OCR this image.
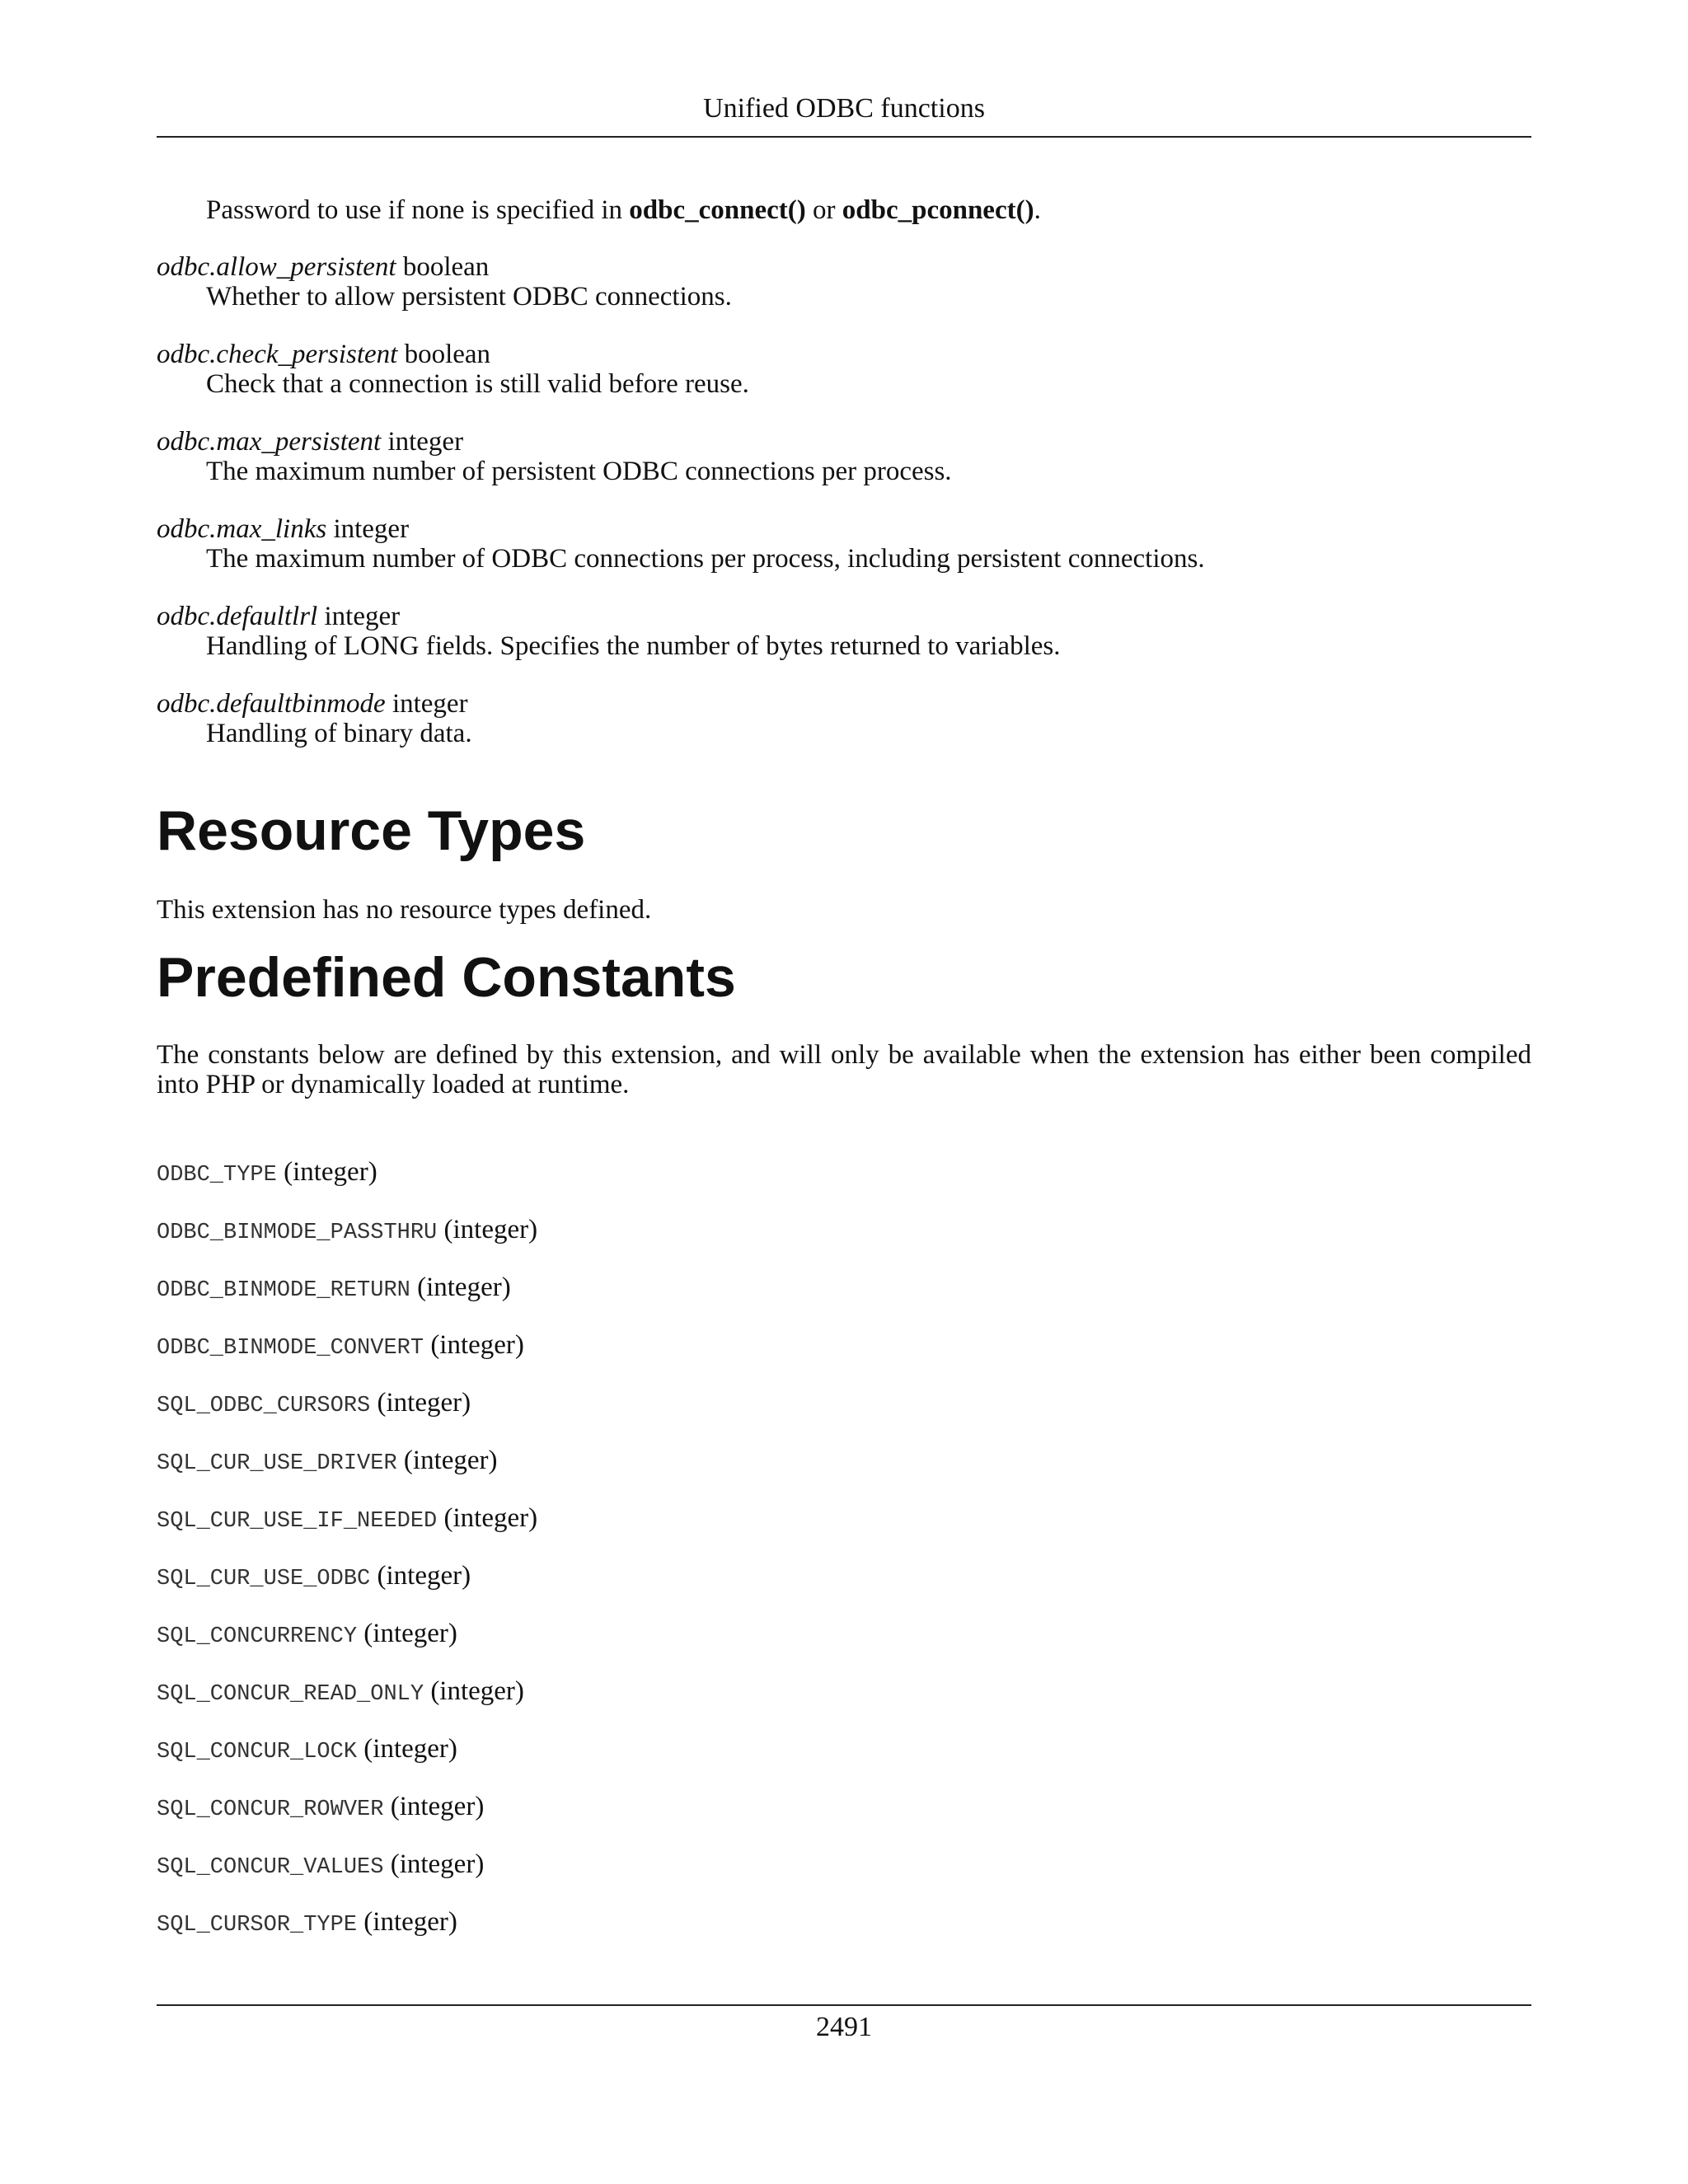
Unified ODBC functions
Password to use if none is specified in odbc_connect() or odbc_pconnect().
odbc.allow_persistent boolean
Whether to allow persistent ODBC connections.
odbc.check_persistent boolean
Check that a connection is still valid before reuse.
odbc.max_persistent integer
The maximum number of persistent ODBC connections per process.
odbc.max_links integer
The maximum number of ODBC connections per process, including persistent connections.
odbc.defaultlrl integer
Handling of LONG fields. Specifies the number of bytes returned to variables.
odbc.defaultbinmode integer
Handling of binary data.
Resource Types
This extension has no resource types defined.
Predefined Constants
The constants below are defined by this extension, and will only be available when the extension has either been compiled into PHP or dynamically loaded at runtime.
ODBC_TYPE (integer)
ODBC_BINMODE_PASSTHRU (integer)
ODBC_BINMODE_RETURN (integer)
ODBC_BINMODE_CONVERT (integer)
SQL_ODBC_CURSORS (integer)
SQL_CUR_USE_DRIVER (integer)
SQL_CUR_USE_IF_NEEDED (integer)
SQL_CUR_USE_ODBC (integer)
SQL_CONCURRENCY (integer)
SQL_CONCUR_READ_ONLY (integer)
SQL_CONCUR_LOCK (integer)
SQL_CONCUR_ROWVER (integer)
SQL_CONCUR_VALUES (integer)
SQL_CURSOR_TYPE (integer)
2491
